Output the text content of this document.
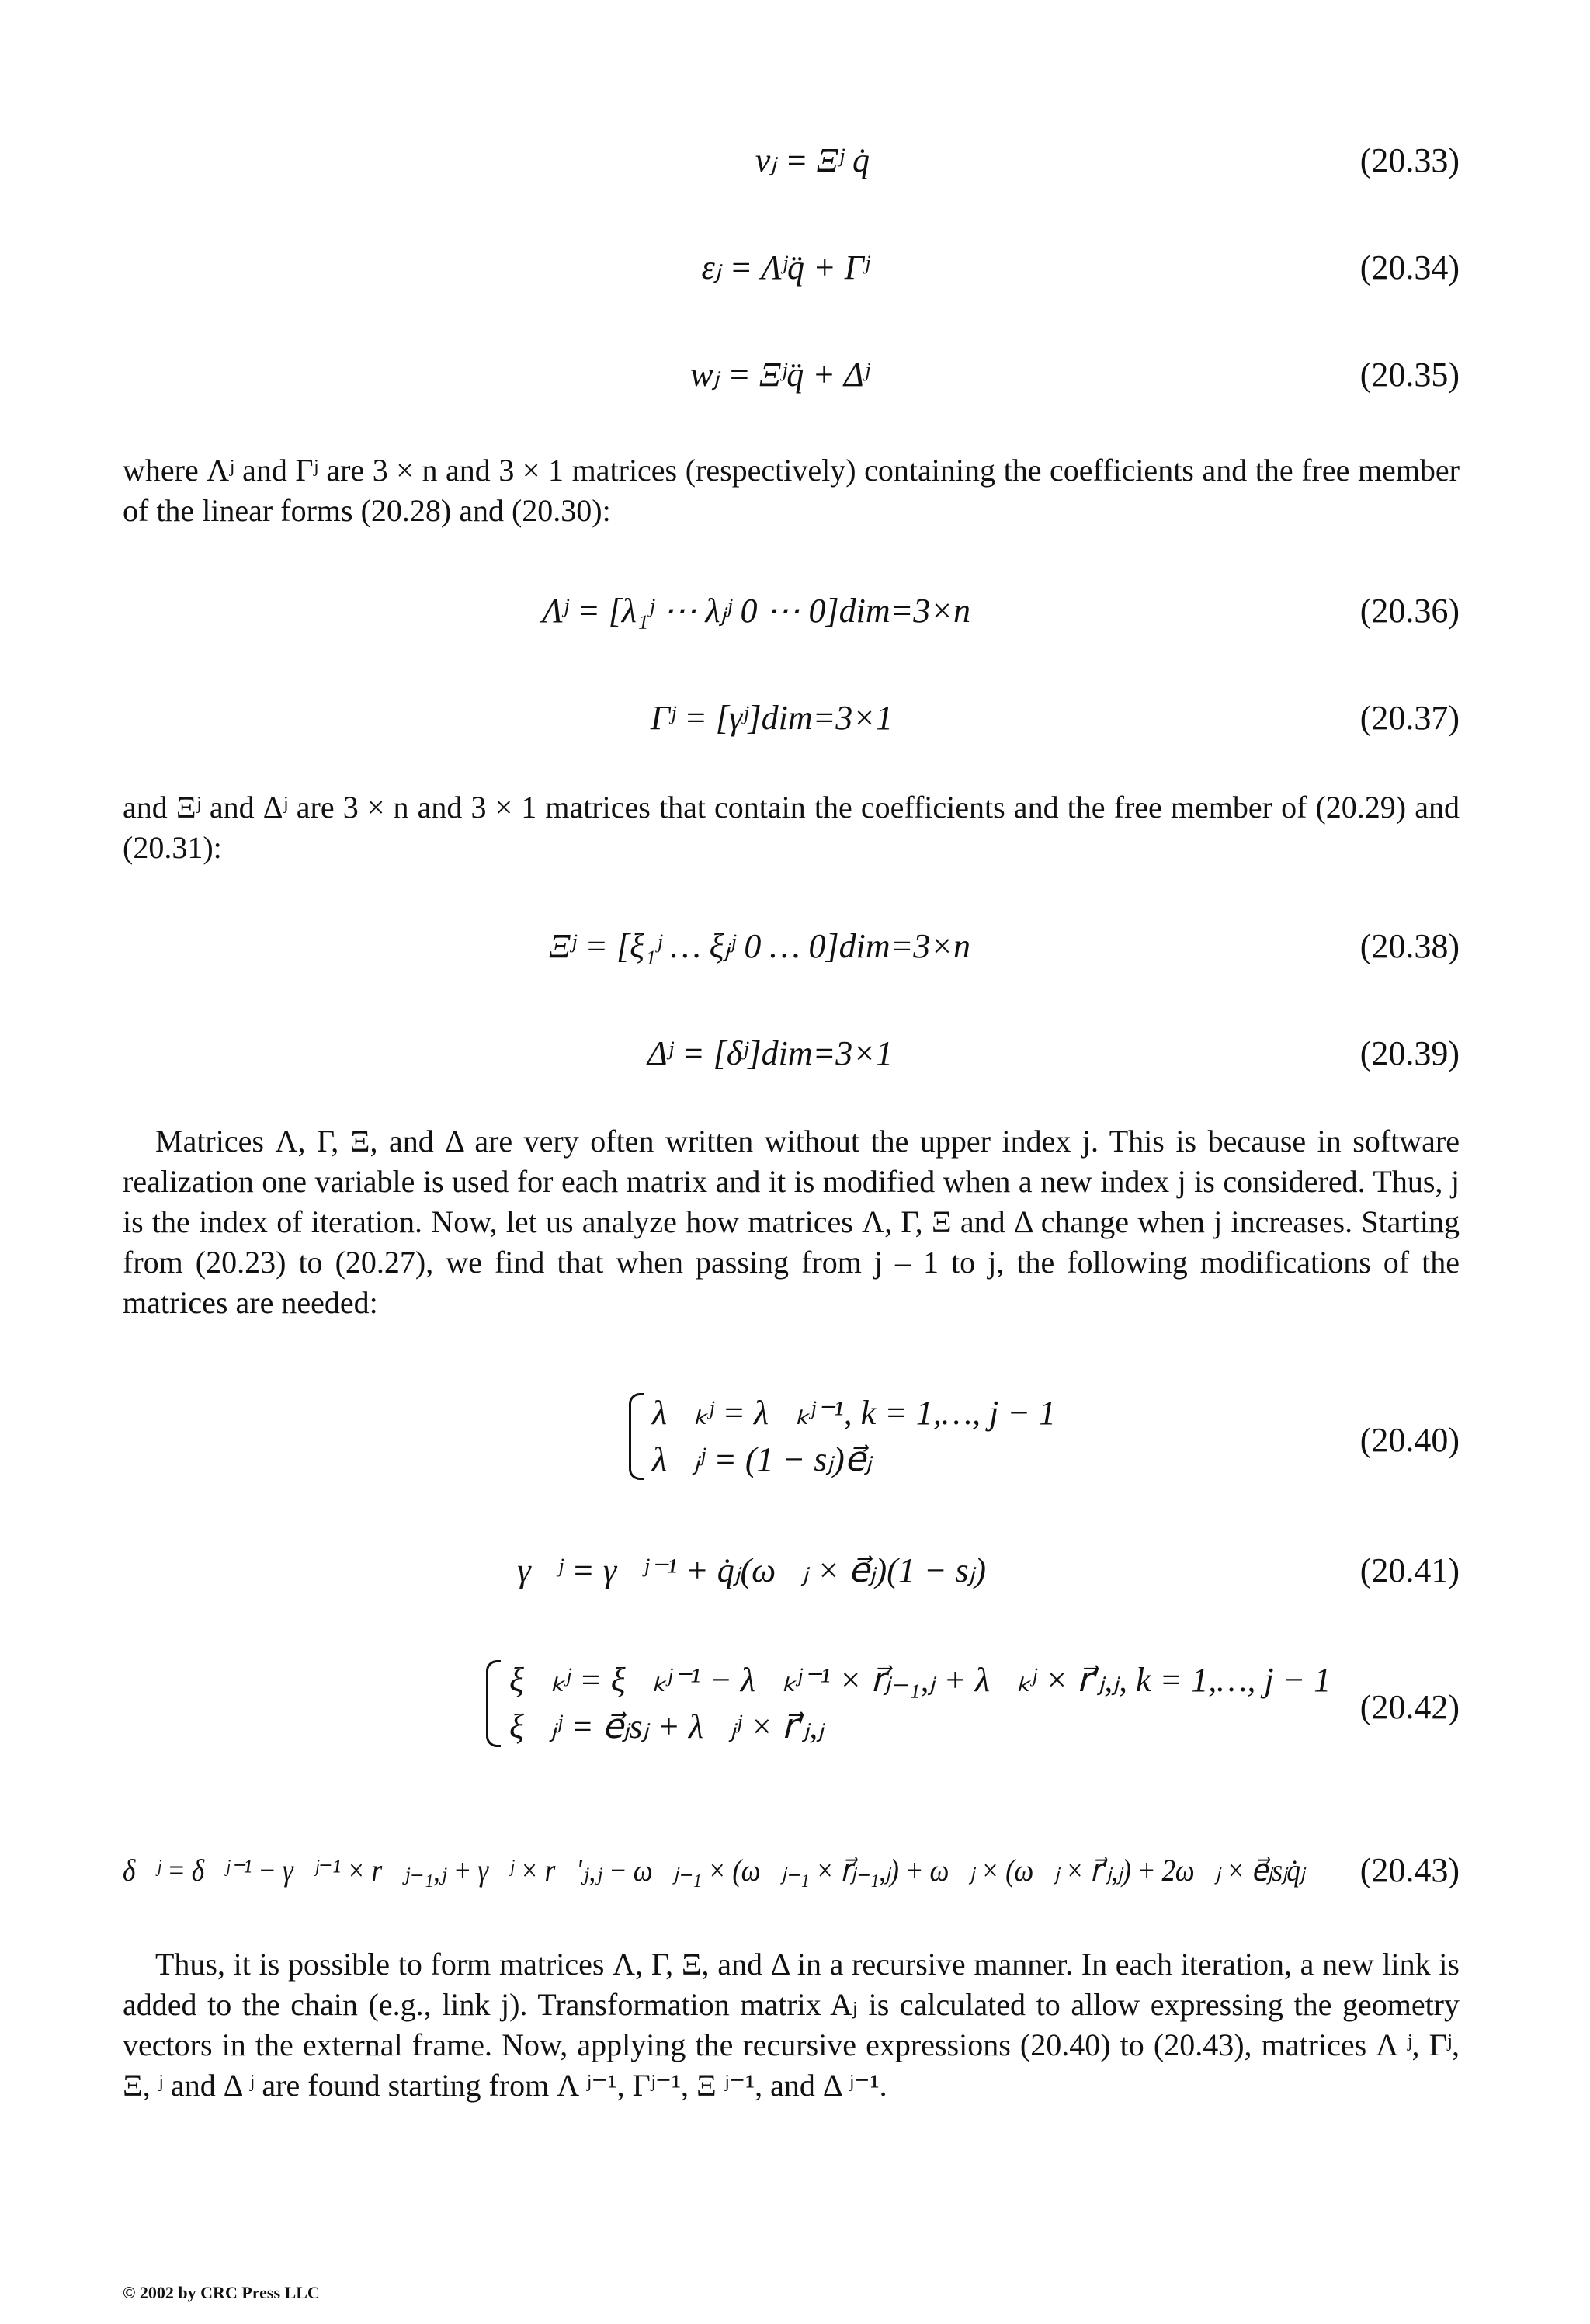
vⱼ = Ξʲ q̇	(20.33)
εⱼ = Λʲq̈ + Γʲ	(20.34)
wⱼ = Ξʲq̈ + Δʲ	(20.35)

where Λʲ and Γʲ are 3 × n and 3 × 1 matrices (respectively) containing the coefficients and the free member of the linear forms (20.28) and (20.30):

Λʲ = [λ₁ʲ ⋯ λⱼʲ 0 ⋯ 0]dim=3×n	(20.36)
Γʲ = [γʲ]dim=3×1	(20.37)

and Ξʲ and Δʲ are 3 × n and 3 × 1 matrices that contain the coefficients and the free member of (20.29) and (20.31):

Ξʲ = [ξ₁ʲ … ξⱼʲ 0 … 0]dim=3×n	(20.38)
Δʲ = [δʲ]dim=3×1	(20.39)

Matrices Λ, Γ, Ξ, and Δ are very often written without the upper index j. This is because in software realization one variable is used for each matrix and it is modified when a new index j is considered. Thus, j is the index of iteration. Now, let us analyze how matrices Λ, Γ, Ξ and Δ change when j increases. Starting from (20.23) to (20.27), we find that when passing from j – 1 to j, the following modifications of the matrices are needed:

λ⃗ₖʲ = λ⃗ₖʲ⁻¹, k = 1,…, j − 1
λ⃗ⱼʲ = (1 − sⱼ)e⃗ⱼ
(20.40)
γ⃗ʲ = γ⃗ʲ⁻¹ + q̇ⱼ(ω⃗ⱼ × e⃗ⱼ)(1 − sⱼ)	(20.41)
ξ⃗ₖʲ = ξ⃗ₖʲ⁻¹ − λ⃗ₖʲ⁻¹ × r⃗ⱼ₋₁,ⱼ + λ⃗ₖʲ × r⃗′ⱼ,ⱼ, k = 1,…, j − 1
ξ⃗ⱼʲ = e⃗ⱼsⱼ + λ⃗ⱼʲ × r⃗′ⱼ,ⱼ
(20.42)
δ⃗ʲ = δ⃗ʲ⁻¹ − γ⃗ʲ⁻¹ × r⃗ⱼ₋₁,ⱼ + γ⃗ʲ × r⃗′ⱼ,ⱼ − ω⃗ⱼ₋₁ × (ω⃗ⱼ₋₁ × r⃗ⱼ₋₁,ⱼ) + ω⃗ⱼ × (ω⃗ⱼ × r⃗′ⱼ,ⱼ) + 2ω⃗ⱼ × e⃗ⱼsⱼq̇ⱼ	(20.43)

Thus, it is possible to form matrices Λ, Γ, Ξ, and Δ in a recursive manner. In each iteration, a new link is added to the chain (e.g., link j). Transformation matrix Aⱼ is calculated to allow expressing the geometry vectors in the external frame. Now, applying the recursive expressions (20.40) to (20.43), matrices Λ ʲ, Γʲ, Ξ, ʲ and Δ ʲ are found starting from Λ ʲ⁻¹, Γʲ⁻¹, Ξ ʲ⁻¹, and Δ ʲ⁻¹.

© 2002 by CRC Press LLC
